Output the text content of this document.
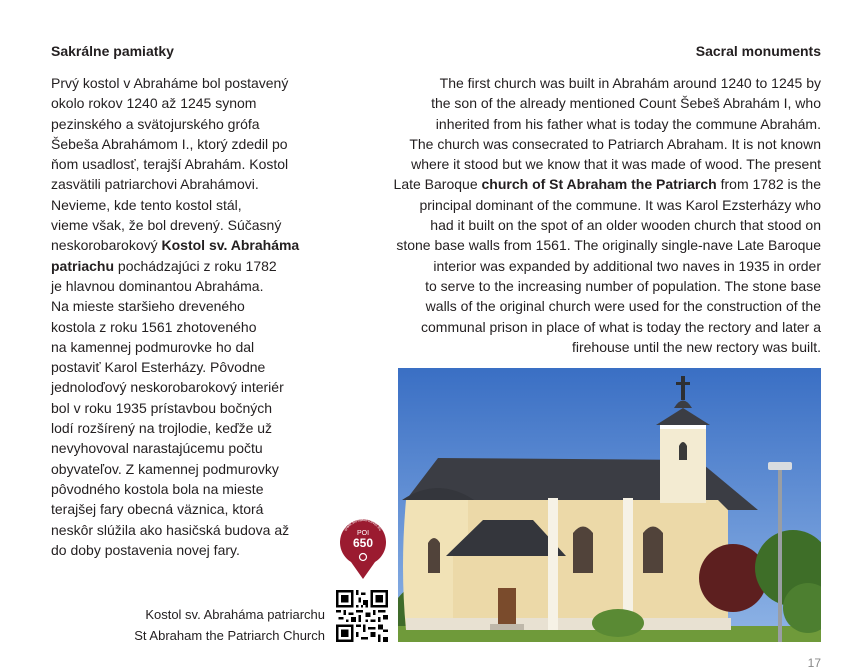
Sakrálne pamiatky	Sacral monuments
Prvý kostol v Abraháme bol postavený
okolo rokov 1240 až 1245 synom
pezinského a svätojurského grófa
Šebeša Abrahámom I., ktorý zdedil po
ňom usadlosť, terajší Abrahám. Kostol
zasvätili patriarchovi Abrahámovi.
Nevieme, kde tento kostol stál,
vieme však, že bol drevený. Súčasný
neskorobarokový Kostol sv. Abraháma
patriachu pochádzajúci z roku 1782
je hlavnou dominantou Abraháma.
Na mieste staršieho dreveného
kostola z roku 1561 zhotoveného
na kamennej podmurovke ho dal
postaviť Karol Esterházy. Pôvodne
jednoloďový neskorobarokový interiér
bol v roku 1935 prístavbou bočných
lodí rozšírený na trojlodie, keďže už
nevyhovoval narastajúcemu počtu
obyvateľov. Z kamennej podmurovky
pôvodného kostola bola na mieste
terajšej fary obecná väznica, ktorá
neskôr slúžila ako hasičská budova až
do doby postavenia novej fary.
The first church was built in Abrahám around 1240 to 1245 by
the son of the already mentioned Count Šebeš Abrahám I, who
inherited from his father what is today the commune Abrahám.
The church was consecrated to Patriarch Abraham. It is not known
where it stood but we know that it was made of wood. The present
Late Baroque church of St Abraham the Patriarch from 1782 is the
principal dominant of the commune. It was Karol Ezsterházy who
had it built on the spot of an older wooden church that stood on
stone base walls from 1561. The originally single-nave Late Baroque
interior was expanded by additional two naves in 1935 in order
to serve to the increasing number of population. The stone base
walls of the original church were used for the construction of the
communal prison in place of what is today the rectory and later a
firehouse until the new rectory was built.
www.slovakia-travel.eu
POI
650
Kostol sv. Abraháma patriarchu
St Abraham the Patriarch Church
17
